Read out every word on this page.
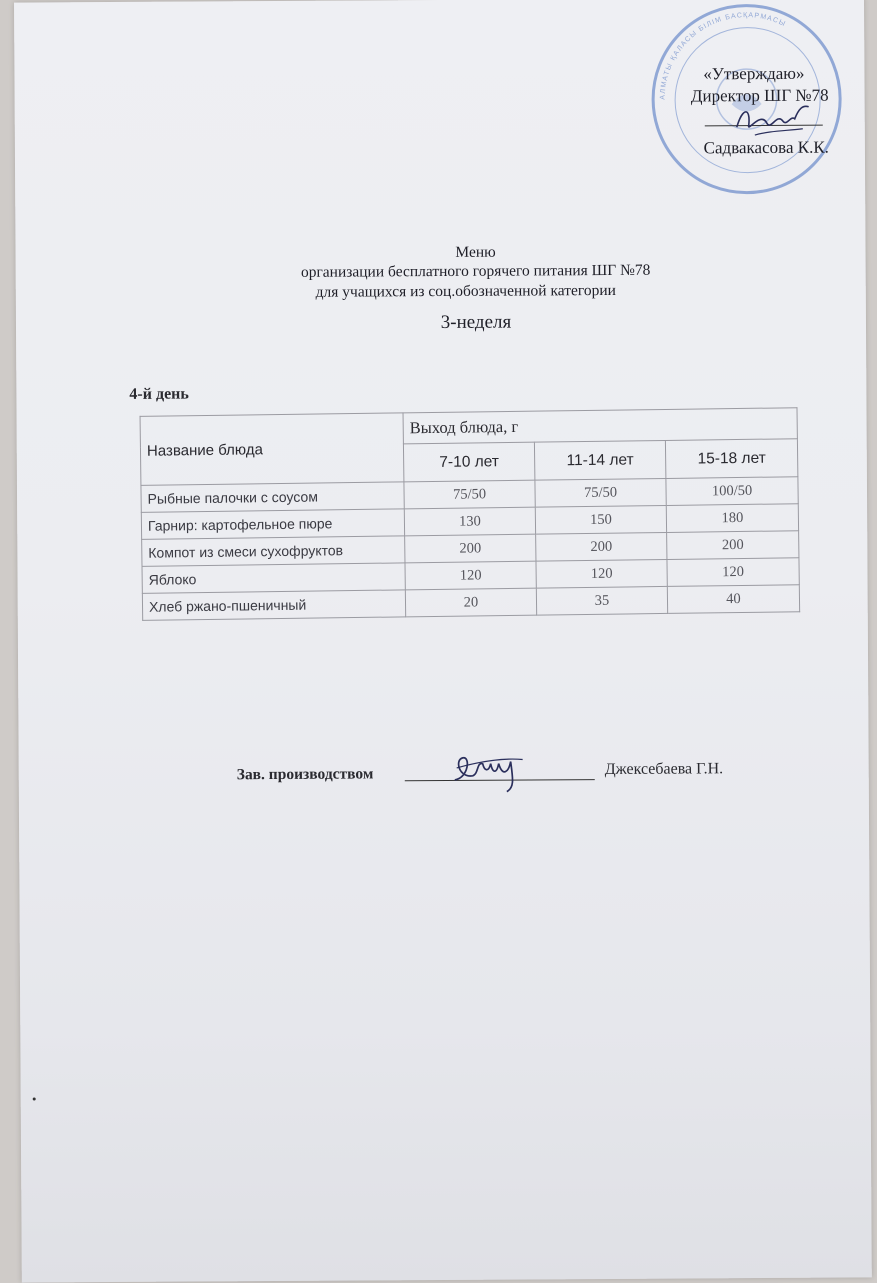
АЛМАТЫ ҚАЛАСЫ БІЛІМ БАСҚАРМАСЫ
«Утверждаю»
Директор ШГ №78
Садвакасова К.К.
Меню
организации бесплатного горячего питания ШГ №78
для учащихся из соц.обозначенной категории
3-неделя
4-й день
Название блюда	Выход блюда, г		
	7-10 лет	11-14 лет	15-18 лет
Рыбные палочки с соусом	75/50	75/50	100/50
Гарнир: картофельное пюре	130	150	180
Компот из смеси сухофруктов	200	200	200
Яблоко	120	120	120
Хлеб ржано-пшеничный	20	35	40
Зав. производством	Джексебаева Г.Н.
